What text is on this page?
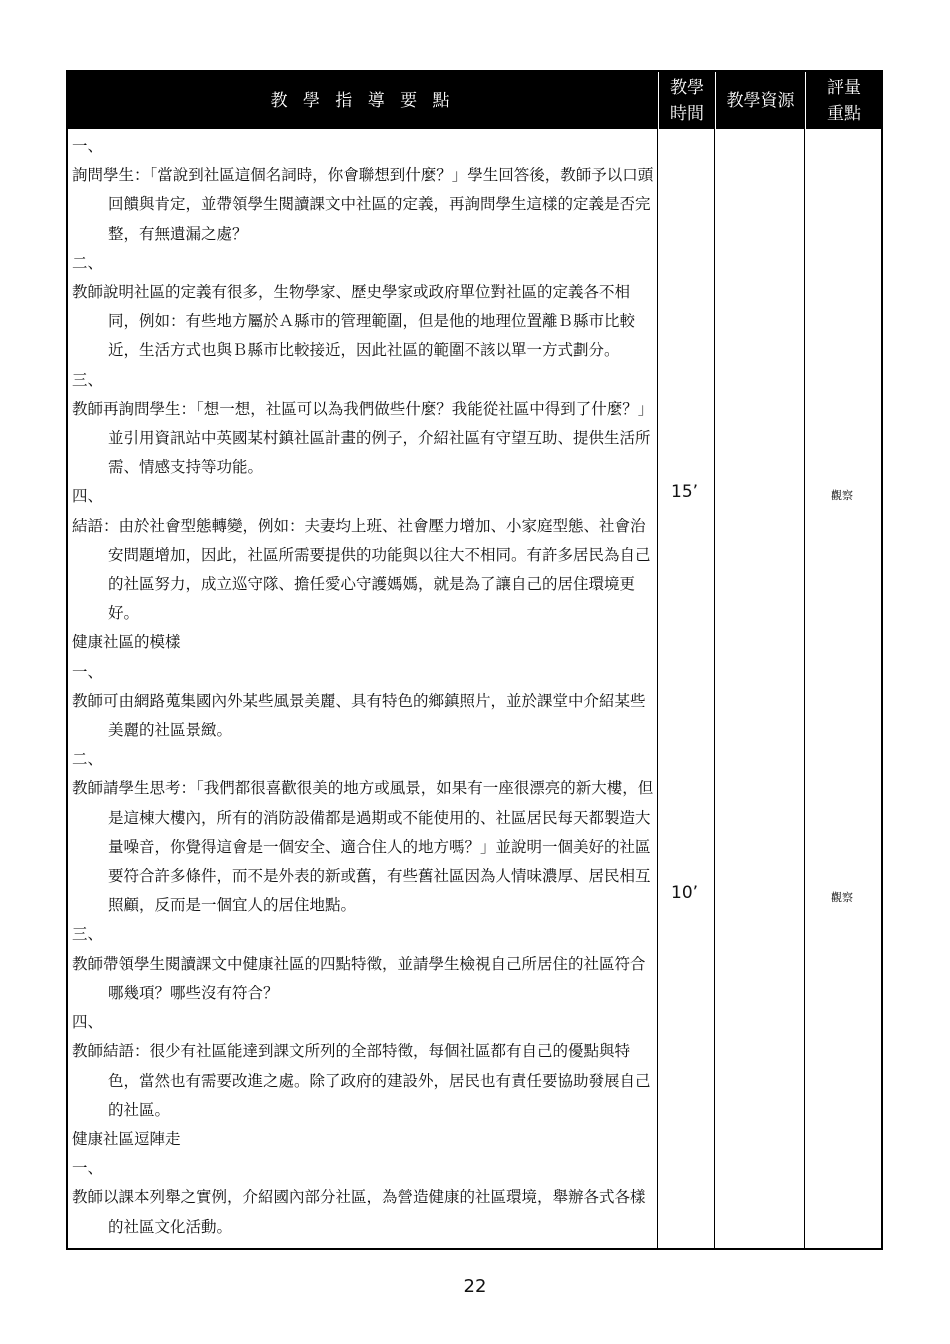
教 學 指 導 要 點
教學
時間
教學資源
評量
重點

一、

詢問學生：「當說到社區這個名詞時，你會聯想到什麼？」學生回答後，教師予以口頭回饋與肯定，並帶領學生閱讀課文中社區的定義，再詢問學生這樣的定義是否完整，有無遺漏之處？

二、

教師說明社區的定義有很多，生物學家、歷史學家或政府單位對社區的定義各不相同，例如：有些地方屬於Ａ縣市的管理範圍，但是他的地理位置離Ｂ縣市比較近，生活方式也與Ｂ縣市比較接近，因此社區的範圍不該以單一方式劃分。

三、

教師再詢問學生：「想一想，社區可以為我們做些什麼？我能從社區中得到了什麼？」並引用資訊站中英國某村鎮社區計畫的例子，介紹社區有守望互助、提供生活所需、情感支持等功能。

四、

結語：由於社會型態轉變，例如：夫妻均上班、社會壓力增加、小家庭型態、社會治安問題增加，因此，社區所需要提供的功能與以往大不相同。有許多居民為自己的社區努力，成立巡守隊、擔任愛心守護媽媽，就是為了讓自己的居住環境更好。

健康社區的模樣

一、

教師可由網路蒐集國內外某些風景美麗、具有特色的鄉鎮照片，並於課堂中介紹某些美麗的社區景緻。

二、

教師請學生思考：「我們都很喜歡很美的地方或風景，如果有一座很漂亮的新大樓，但是這棟大樓內，所有的消防設備都是過期或不能使用的、社區居民每天都製造大量噪音，你覺得這會是一個安全、適合住人的地方嗎？」並說明一個美好的社區要符合許多條件，而不是外表的新或舊，有些舊社區因為人情味濃厚、居民相互照顧，反而是一個宜人的居住地點。

三、

教師帶領學生閱讀課文中健康社區的四點特徵，並請學生檢視自己所居住的社區符合哪幾項？哪些沒有符合？

四、

教師結語：很少有社區能達到課文所列的全部特徵，每個社區都有自己的優點與特色，當然也有需要改進之處。除了政府的建設外，居民也有責任要協助發展自己的社區。

健康社區逗陣走

一、

教師以課本列舉之實例，介紹國內部分社區，為營造健康的社區環境，舉辦各式各樣的社區文化活動。

15’
10’
觀察
觀察
22
